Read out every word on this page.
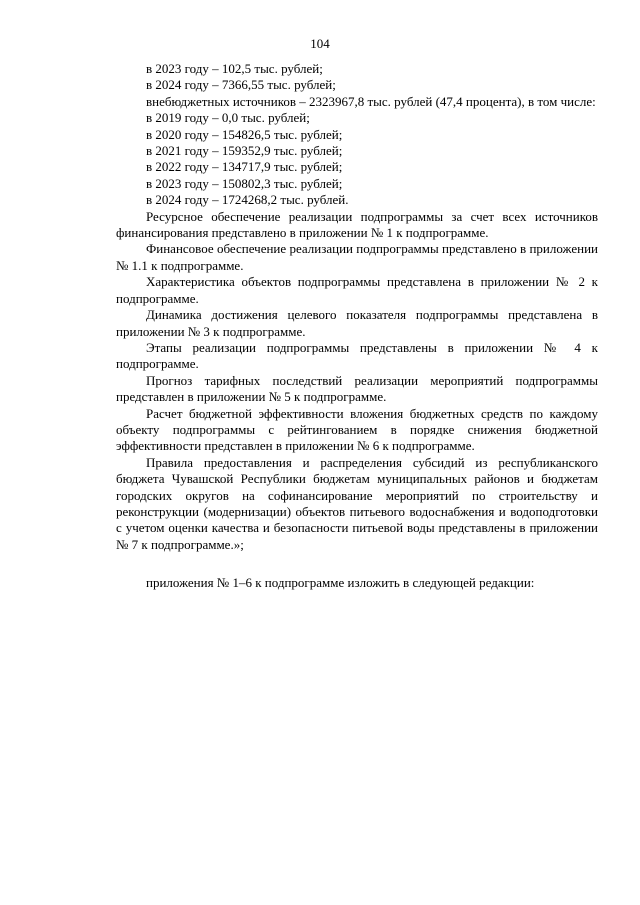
104
в 2023 году – 102,5 тыс. рублей;
в 2024 году – 7366,55 тыс. рублей;

внебюджетных источников – 2323967,8 тыс. рублей (47,4 процента), в том числе:

в 2019 году – 0,0 тыс. рублей;
в 2020 году – 154826,5 тыс. рублей;
в 2021 году – 159352,9 тыс. рублей;
в 2022 году – 134717,9 тыс. рублей;
в 2023 году – 150802,3 тыс. рублей;
в 2024 году – 1724268,2 тыс. рублей.

Ресурсное обеспечение реализации подпрограммы за счет всех источников финансирования представлено в приложении № 1 к подпрограмме.

Финансовое обеспечение реализации подпрограммы представлено в приложении № 1.1 к подпрограмме.

Характеристика объектов подпрограммы представлена в приложении № 2 к подпрограмме.

Динамика достижения целевого показателя подпрограммы представлена в приложении № 3 к подпрограмме.

Этапы реализации подпрограммы представлены в приложении № 4 к подпрограмме.

Прогноз тарифных последствий реализации мероприятий подпрограммы представлен в приложении № 5 к подпрограмме.

Расчет бюджетной эффективности вложения бюджетных средств по каждому объекту подпрограммы с рейтингованием в порядке снижения бюджетной эффективности представлен в приложении № 6 к подпрограмме.

Правила предоставления и распределения субсидий из республиканского бюджета Чувашской Республики бюджетам муниципальных районов и бюджетам городских округов на софинансирование мероприятий по строительству и реконструкции (модернизации) объектов питьевого водоснабжения и водоподготовки с учетом оценки качества и безопасности питьевой воды представлены в приложении № 7 к подпрограмме.»;

приложения № 1–6 к подпрограмме изложить в следующей редакции:
